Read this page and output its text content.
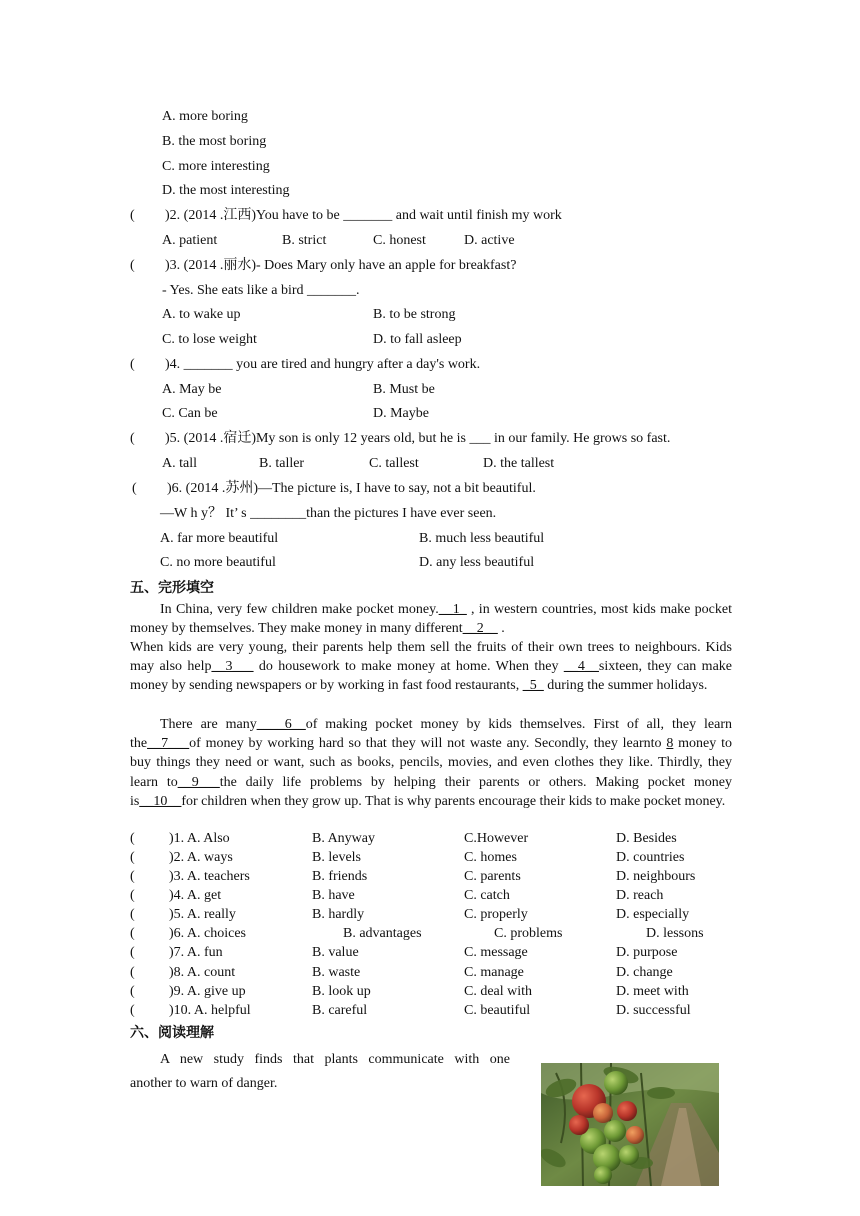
A. more boring
B. the most boring
C. more interesting
D. the most interesting
( )2. (2014 .江西)You have to be _______ and wait until finish my work
A. patient	B. strict	C. honest	D. active
( )3. (2014 .丽水)- Does Mary only have an apple for breakfast?
- Yes. She eats like a bird _______.
A. to wake up	B. to be strong
C. to lose weight	D. to fall asleep
( )4. _______ you are tired and hungry after a day's work.
A. May be	B. Must be
C. Can be	D. Maybe
( )5. (2014 .宿迁)My son is only 12 years old, but he is ___ in our family. He grows so fast.
A. tall	B. taller	C. tallest	D. the tallest
( )6. (2014 .苏州)—The picture is, I have to say, not a bit beautiful.
—W h y？ It’ s ________than the pictures I have ever seen.
A. far more beautiful	B. much less beautiful
C. no more beautiful	D. any less beautiful
五、完形填空
In China, very few children make pocket money.__1_ , in western countries, most kids make pocket money by themselves. They make money in many different__2__ .
When kids are very young, their parents help them sell the fruits of their own trees to neighbours. Kids may also help__3___ do housework to make money at home. When they __4__sixteen, they can make money by sending newspapers or by working in fast food restaurants, _5_ during the summer holidays.
There are many____6__of making pocket money by kids themselves. First of all, they learn the__7___of money by working hard so that they will not waste any. Secondly, they learnto 8 money to buy things they need or want, such as books, pencils, movies, and even clothes they like. Thirdly, they learn to__9___the daily life problems by helping their parents or others. Making pocket money is__10__for children when they grow up. That is why parents encourage their kids to make pocket money.
( )1. A. Also	B. Anyway	C.However	D. Besides
( )2. A. ways	B. levels	C. homes	D. countries
( )3. A. teachers	B. friends	C. parents	D. neighbours
( )4. A. get	B. have	C. catch	D. reach
( )5. A. really	B. hardly	C. properly	D. especially
( )6. A. choices	B. advantages	C. problems	D. lessons
( )7. A. fun	B. value	C. message	D. purpose
( )8. A. count	B. waste	C. manage	D. change
( )9. A. give up	B. look up	C. deal with	D. meet with
( )10. A. helpful	B. careful	C. beautiful	D. successful
六、阅读理解
A   new   study   finds   that   plants   communicate   with   one
another to warn of danger.
